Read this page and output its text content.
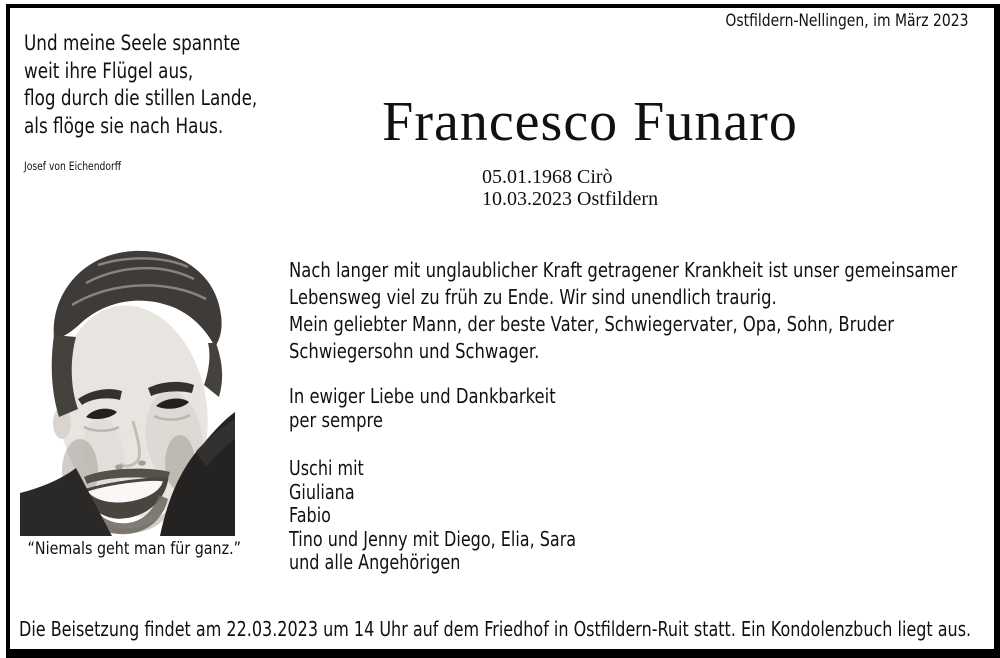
Ostfildern-Nellingen, im März 2023
Und meine Seele spannte
weit ihre Flügel aus,
flog durch die stillen Lande,
als flöge sie nach Haus.
Josef von Eichendorff
Francesco Funaro
05.01.1968 Cirò
10.03.2023 Ostfildern
“Niemals geht man für ganz.”
Nach langer mit unglaublicher Kraft getragener Krankheit ist unser gemeinsamer
Lebensweg viel zu früh zu Ende. Wir sind unendlich traurig.
Mein geliebter Mann, der beste Vater, Schwiegervater, Opa, Sohn, Bruder
Schwiegersohn und Schwager.
In ewiger Liebe und Dankbarkeit
per sempre
Uschi mit
Giuliana
Fabio
Tino und Jenny mit Diego, Elia, Sara
und alle Angehörigen
Die Beisetzung findet am 22.03.2023 um 14 Uhr auf dem Friedhof in Ostfildern-Ruit statt. Ein Kondolenzbuch liegt aus.
